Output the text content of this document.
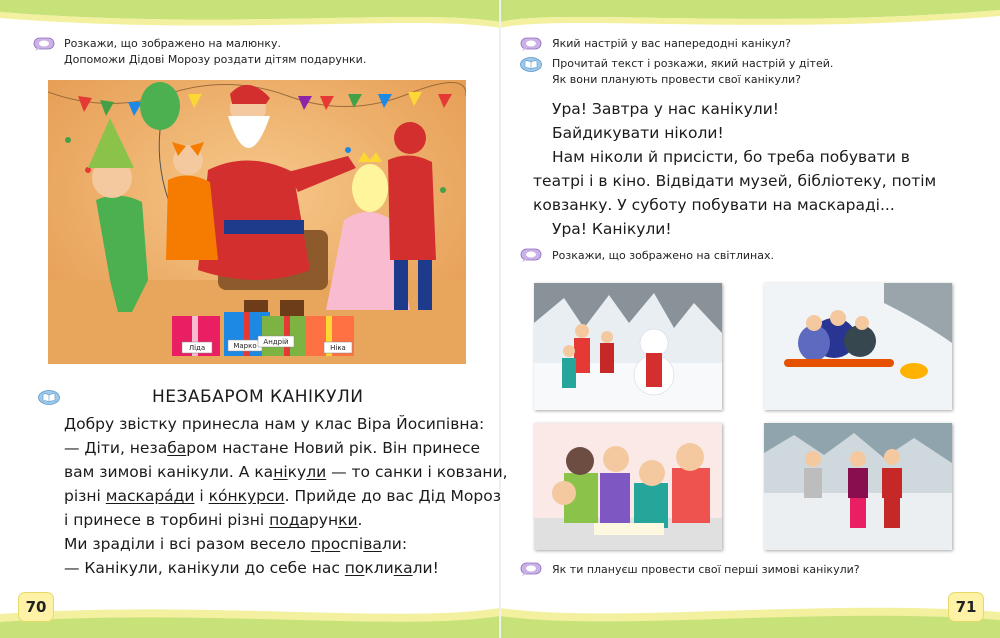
Розкажи, що зображено на малюнку.
Допоможи Дідові Морозу роздати дітям подарунки.
Ліда	Марко Андрій
Ніка
НЕЗАБАРОМ КАНІКУЛИ
Добру звістку принесла нам у клас Віра Йосипівна:
— Діти, незабаром настане Новий рік. Він принесе
вам зимові канікули. А канікули — то санки і ковзани,
різні маскара́ди і ко́нкурси. Прийде до вас Дід Мороз
і принесе в торбині різні подарунки.
Ми зраділи і всі разом весело проспівали:
— Канікули, канікули до себе нас покликали!
70
Який настрій у вас напередодні канікул?
Прочитай текст і розкажи, який настрій у дітей.
Як вони планують провести свої канікули?
Ура! Завтра у нас канікули!
Байдикувати ніколи!
Нам ніколи й присісти, бо треба побувати в
театрі і в кіно. Відвідати музей, бібліотеку, потім
ковзанку. У суботу побувати на маскараді...
Ура! Канікули!
Розкажи, що зображено на світлинах.
Як ти плануєш провести свої перші зимові канікули?
71
